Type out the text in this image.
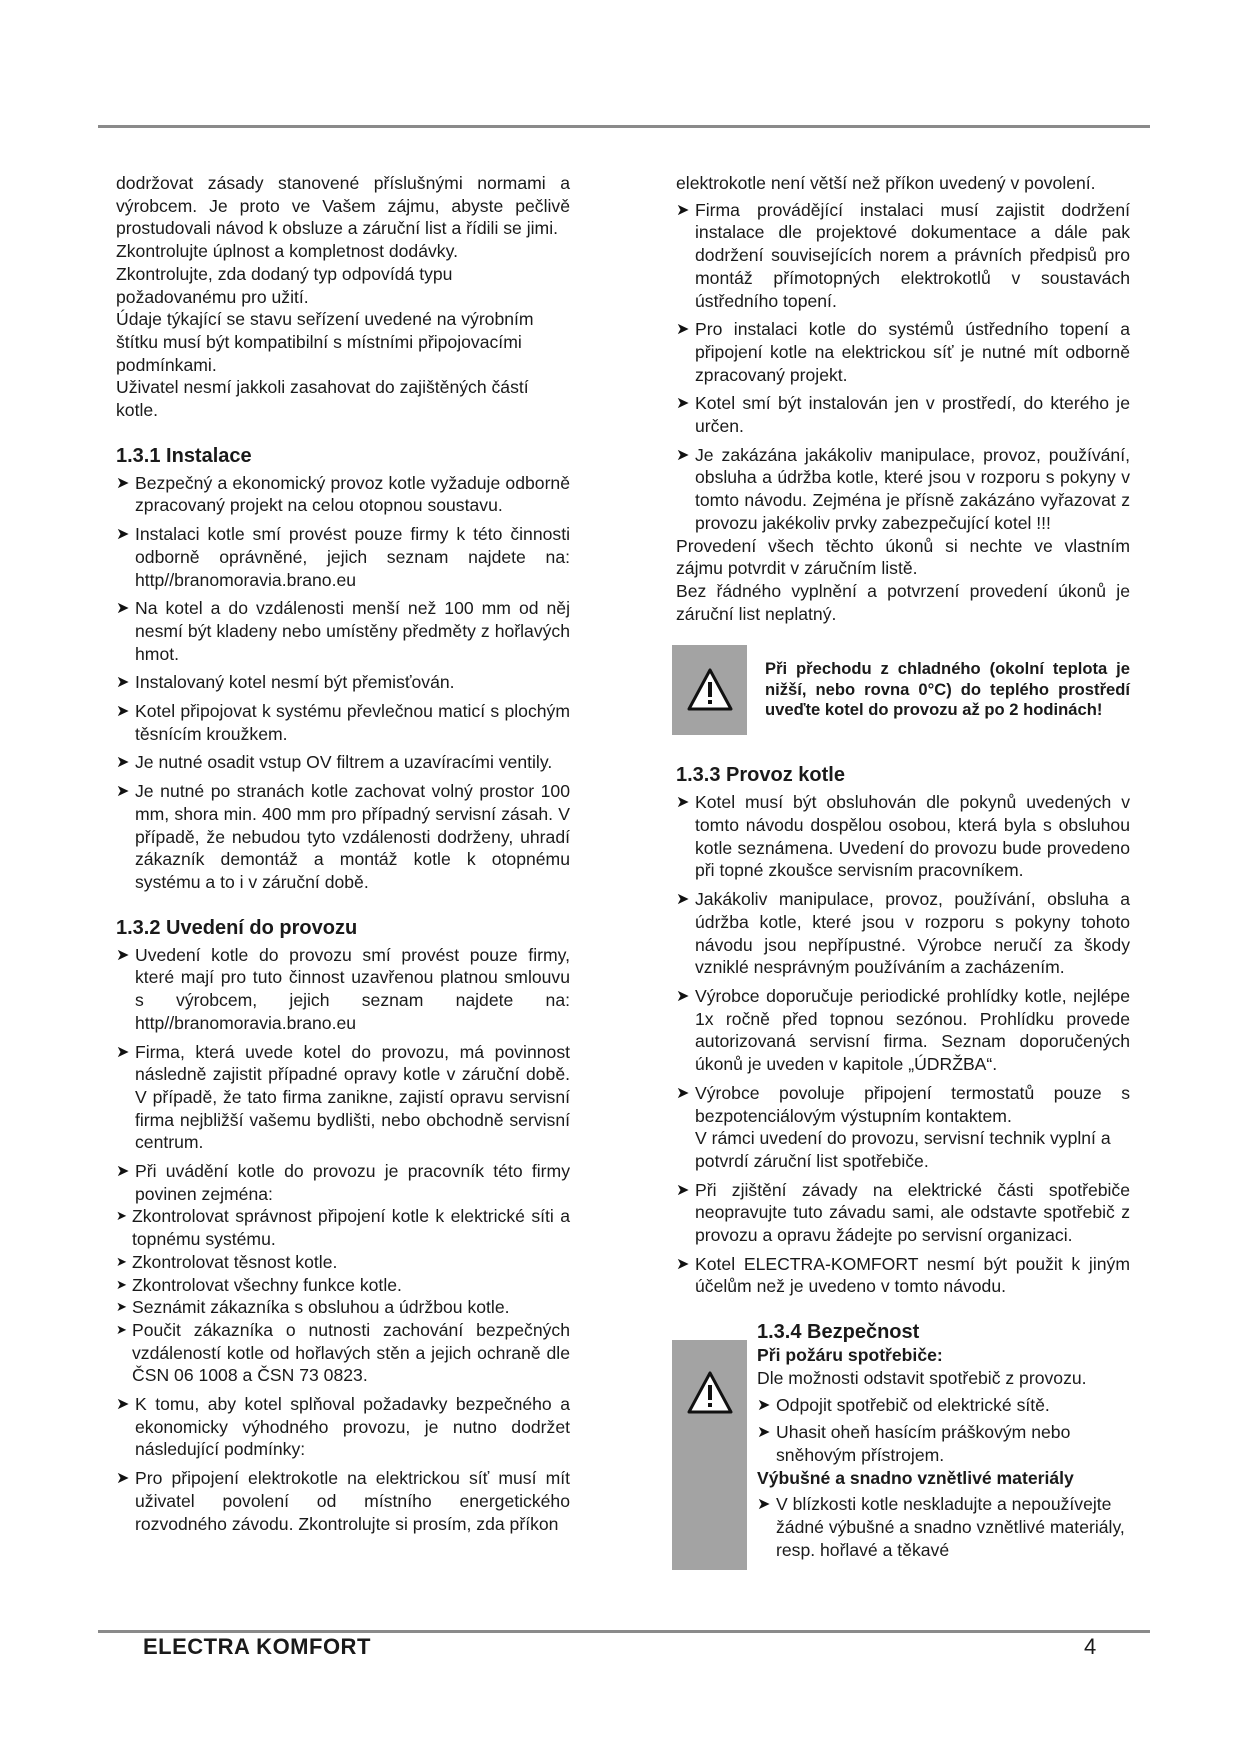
dodržovat zásady stanovené příslušnými normami a výrobcem. Je proto ve Vašem zájmu, abyste pečlivě prostudovali návod k obsluze a záruční list a řídili se jimi.

Zkontrolujte úplnost a kompletnost dodávky.

Zkontrolujte, zda dodaný typ odpovídá typu požadovanému pro užití.

Údaje týkající se stavu seřízení uvedené na výrobním štítku musí být kompatibilní s místními připojovacími podmínkami.

Uživatel nesmí jakkoli zasahovat do zajištěných částí kotle.

1.3.1 Instalace
➤ Bezpečný a ekonomický provoz kotle vyžaduje odborně zpracovaný projekt na celou otopnou soustavu.
➤ Instalaci kotle smí provést pouze firmy k této činnosti odborně oprávněné, jejich seznam najdete na: http//branomoravia.brano.eu
➤ Na kotel a do vzdálenosti menší než 100 mm od něj nesmí být kladeny nebo umístěny předměty z hořlavých hmot.
➤ Instalovaný kotel nesmí být přemisťován.
➤ Kotel připojovat k systému převlečnou maticí s plochým těsnícím kroužkem.
➤ Je nutné osadit vstup OV filtrem a uzavíracími ventily.
➤ Je nutné po stranách kotle zachovat volný prostor 100 mm, shora min. 400 mm pro případný servisní zásah. V případě, že nebudou tyto vzdálenosti dodrženy, uhradí zákazník demontáž a montáž kotle k otopnému systému a to i v záruční době.
1.3.2 Uvedení do provozu
➤ Uvedení kotle do provozu smí provést pouze firmy, které mají pro tuto činnost uzavřenou platnou smlouvu s výrobcem, jejich seznam najdete na: http//branomoravia.brano.eu
➤ Firma, která uvede kotel do provozu, má povinnost následně zajistit případné opravy kotle v záruční době. V případě, že tato firma zanikne, zajistí opravu servisní firma nejbližší vašemu bydlišti, nebo obchodně servisní centrum.
➤ Při uvádění kotle do provozu je pracovník této firmy povinen zejména:
➤ Zkontrolovat správnost připojení kotle k elektrické síti a topnému systému.
➤ Zkontrolovat těsnost kotle.
➤ Zkontrolovat všechny funkce kotle.
➤ Seznámit zákazníka s obsluhou a údržbou kotle.
➤ Poučit zákazníka o nutnosti zachování bezpečných vzdáleností kotle od hořlavých stěn a jejich ochraně dle ČSN 06 1008 a ČSN 73 0823.
➤ K tomu, aby kotel splňoval požadavky bezpečného a ekonomicky výhodného provozu, je nutno dodržet následující podmínky:
➤ Pro připojení elektrokotle na elektrickou síť musí mít uživatel povolení od místního energetického rozvodného závodu. Zkontrolujte si prosím, zda příkon

elektrokotle není větší než příkon uvedený v povolení.

➤ Firma provádějící instalaci musí zajistit dodržení instalace dle projektové dokumentace a dále pak dodržení souvisejících norem a právních předpisů pro montáž přímotopných elektrokotlů v soustavách ústředního topení.
➤ Pro instalaci kotle do systémů ústředního topení a připojení kotle na elektrickou síť je nutné mít odborně zpracovaný projekt.
➤ Kotel smí být instalován jen v prostředí, do kterého je určen.
➤ Je zakázána jakákoliv manipulace, provoz, používání, obsluha a údržba kotle, které jsou v rozporu s pokyny v tomto návodu. Zejména je přísně zakázáno vyřazovat z provozu jakékoliv prvky zabezpečující kotel !!!

Provedení všech těchto úkonů si nechte ve vlastním zájmu potvrdit v záručním listě.

Bez řádného vyplnění a potvrzení provedení úkonů je záruční list neplatný.

Při přechodu z chladného (okolní teplota je nižší, nebo rovna 0°C) do teplého prostředí uveďte kotel do provozu až po 2 hodinách!

1.3.3 Provoz kotle
➤ Kotel musí být obsluhován dle pokynů uvedených v tomto návodu dospělou osobou, která byla s obsluhou kotle seznámena. Uvedení do provozu bude provedeno při topné zkoušce servisním pracovníkem.
➤ Jakákoliv manipulace, provoz, používání, obsluha a údržba kotle, které jsou v rozporu s pokyny tohoto návodu jsou nepřípustné. Výrobce neručí za škody vzniklé nesprávným používáním a zacházením.
➤ Výrobce doporučuje periodické prohlídky kotle, nejlépe 1x ročně před topnou sezónou. Prohlídku provede autorizovaná servisní firma. Seznam doporučených úkonů je uveden v kapitole „ÚDRŽBA“.
➤ Výrobce povoluje připojení termostatů pouze s bezpotenciálovým výstupním kontaktem.

V rámci uvedení do provozu, servisní technik vyplní a potvrdí záruční list spotřebiče.

➤ Při zjištění závady na elektrické části spotřebiče neopravujte tuto závadu sami, ale odstavte spotřebič z provozu a opravu žádejte po servisní organizaci.
➤ Kotel ELECTRA-KOMFORT nesmí být použit k jiným účelům než je uvedeno v tomto návodu.
1.3.4 Bezpečnost

Při požáru spotřebiče:

Dle možnosti odstavit spotřebič z provozu.

➤ Odpojit spotřebič od elektrické sítě.
➤ Uhasit oheň hasícím práškovým nebo sněhovým přístrojem.

Výbušné a snadno vznětlivé materiály

➤ V blízkosti kotle neskladujte a nepoužívejte žádné výbušné a snadno vznětlivé materiály, resp. hořlavé a těkavé
ELECTRA KOMFORT	4
